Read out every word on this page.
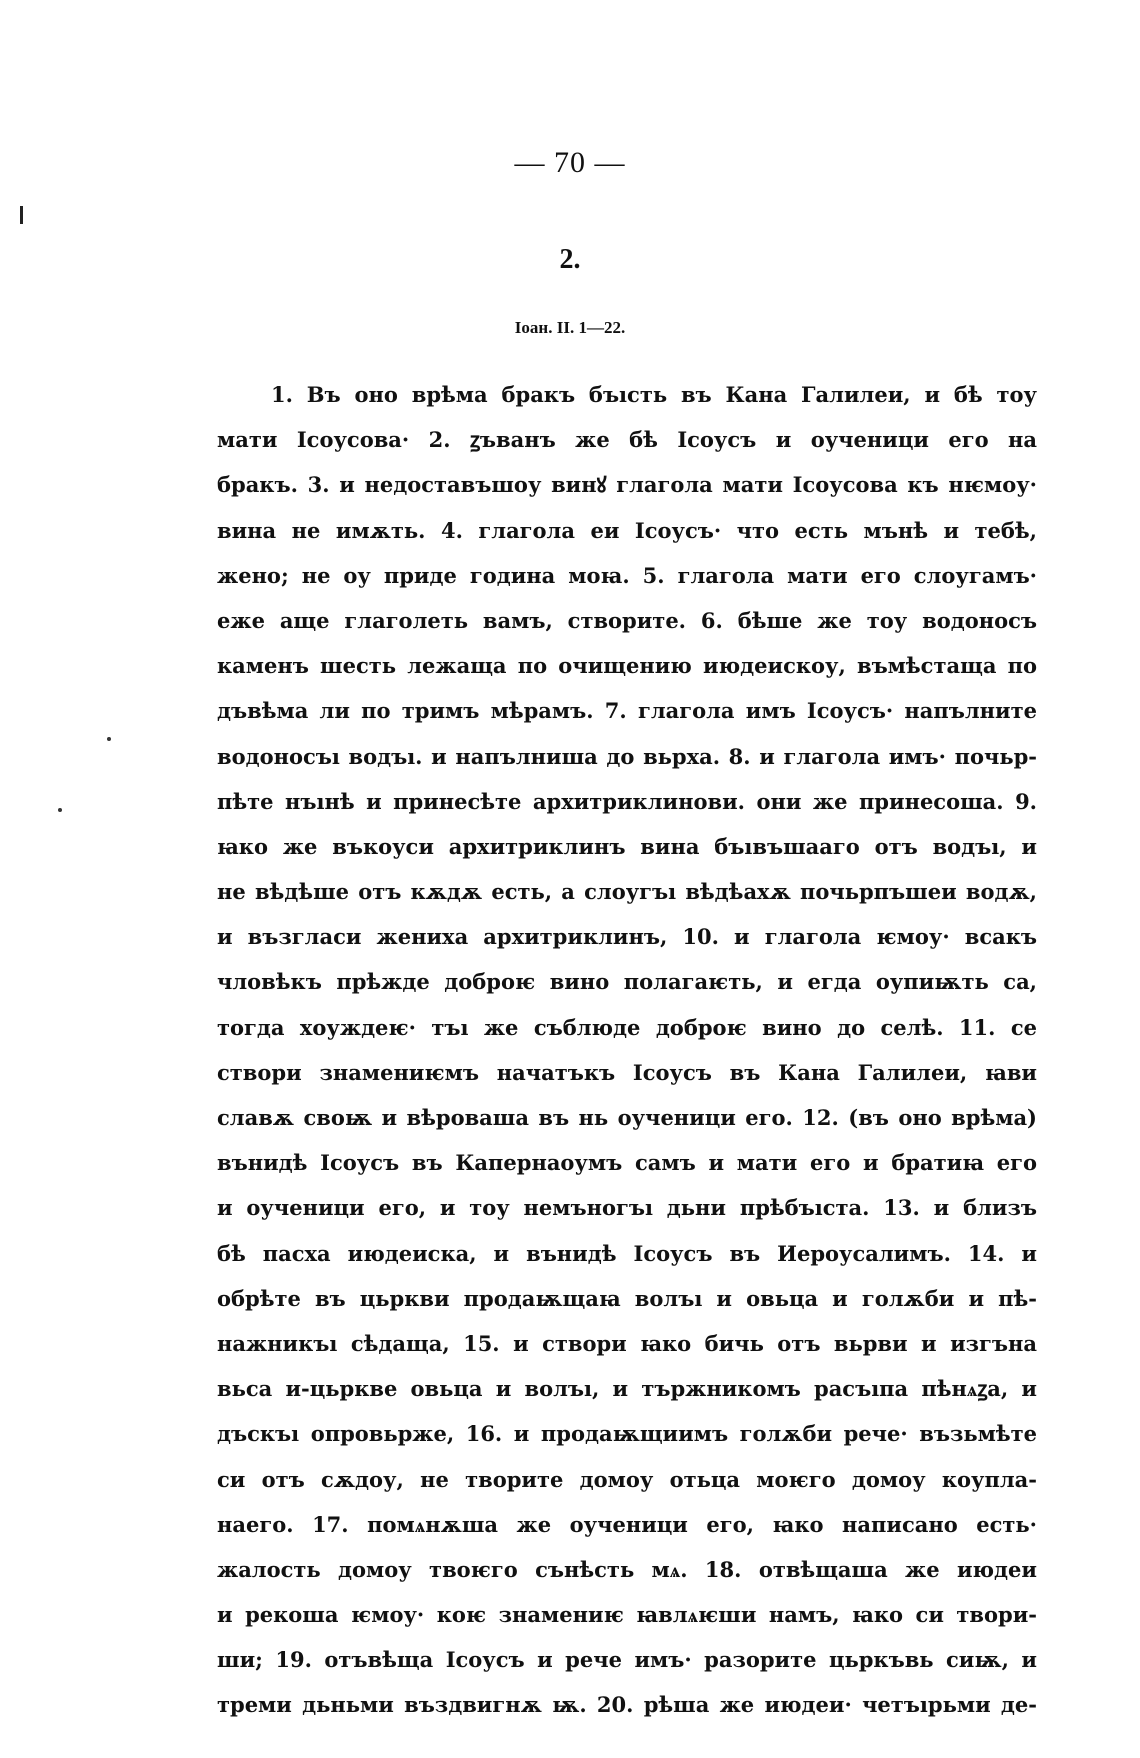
— 70 —
2.
Іоан. II. 1—22.
1. Въ оно врѣма бракъ бъıсть въ Кана Галилеи, и бѣ тоу
мати Ісоусова· 2. ꙁъванъ же бѣ Ісоусъ и оученици его на
бракъ. 3. и недоставъшоу винꙋ глагола мати Ісоусова къ нѥмоу·
вина не имѫть. 4. глагола еи Ісоусъ· что есть мънѣ и тебѣ,
жено; не оу приде година моꙗ. 5. глагола мати его слоугамъ·
еже аще глаголеть вамъ, створите. 6. бѣше же тоу водоносъ
каменъ шесть лежаща по очищению июдеискоу, въмѣстаща по
дъвѣма ли по тримъ мѣрамъ. 7. глагола имъ Ісоусъ· напълните
водоносъı водъı. и напълниша до вьрха. 8. и глагола имъ· почьр-
пѣте нъıнѣ и принесѣте архитриклинови. они же принесоша. 9.
ꙗко же въкоуси архитриклинъ вина бъıвъшааго отъ водъı, и
не вѣдѣше отъ кѫдѫ есть, а слоугъı вѣдѣахѫ почьрпъшеи водѫ,
и възгласи жениха архитриклинъ, 10. и глагола ѥмоу· всакъ
чловѣкъ прѣжде доброѥ вино полагаѥть, и егда оупиѭть са,
тогда хоуждеѥ· тъı же съблюде доброѥ вино до селѣ. 11. се
створи знамениѥмъ начатъкъ Ісоусъ въ Кана Галилеи, ꙗви
славѫ своѭ и вѣроваша въ нь оученици его. 12. (въ оно врѣма)
вънидѣ Ісоусъ въ Капернаоумъ самъ и мати его и братиꙗ его
и оученици его, и тоу немъногъı дьни прѣбъıста. 13. и близъ
бѣ пасха июдеиска, и вънидѣ Ісоусъ въ Иероусалимъ. 14. и
обрѣте въ цьркви продаѭщаꙗ волъı и овьца и голѫби и пѣ-
нажникъı сѣдаща, 15. и створи ꙗко бичь отъ вьрви и изгъна
вьса и-цьркве овьца и волъı, и тържникомъ расъıпа пѣнѧꙁа, и
дъскъı опровьрже, 16. и продаѭщиимъ голѫби рече· възьмѣте
си отъ сѫдоу, не творите домоу отьца моѥго домоу коупла-
наего. 17. помѧнѫша же оученици его, ꙗко написано есть·
жалость домоу твоѥго сънѣсть мѧ. 18. отвѣщаша же июдеи
и рекоша ѥмоу· коѥ знамениѥ ꙗвлѧѥши намъ, ꙗко си твори-
ши; 19. отъвѣща Ісоусъ и рече имъ· разорите цьркъвь сиѭ, и
треми дьньми въздвигнѫ ѭ. 20. рѣша же июдеи· четъıрьми де-
